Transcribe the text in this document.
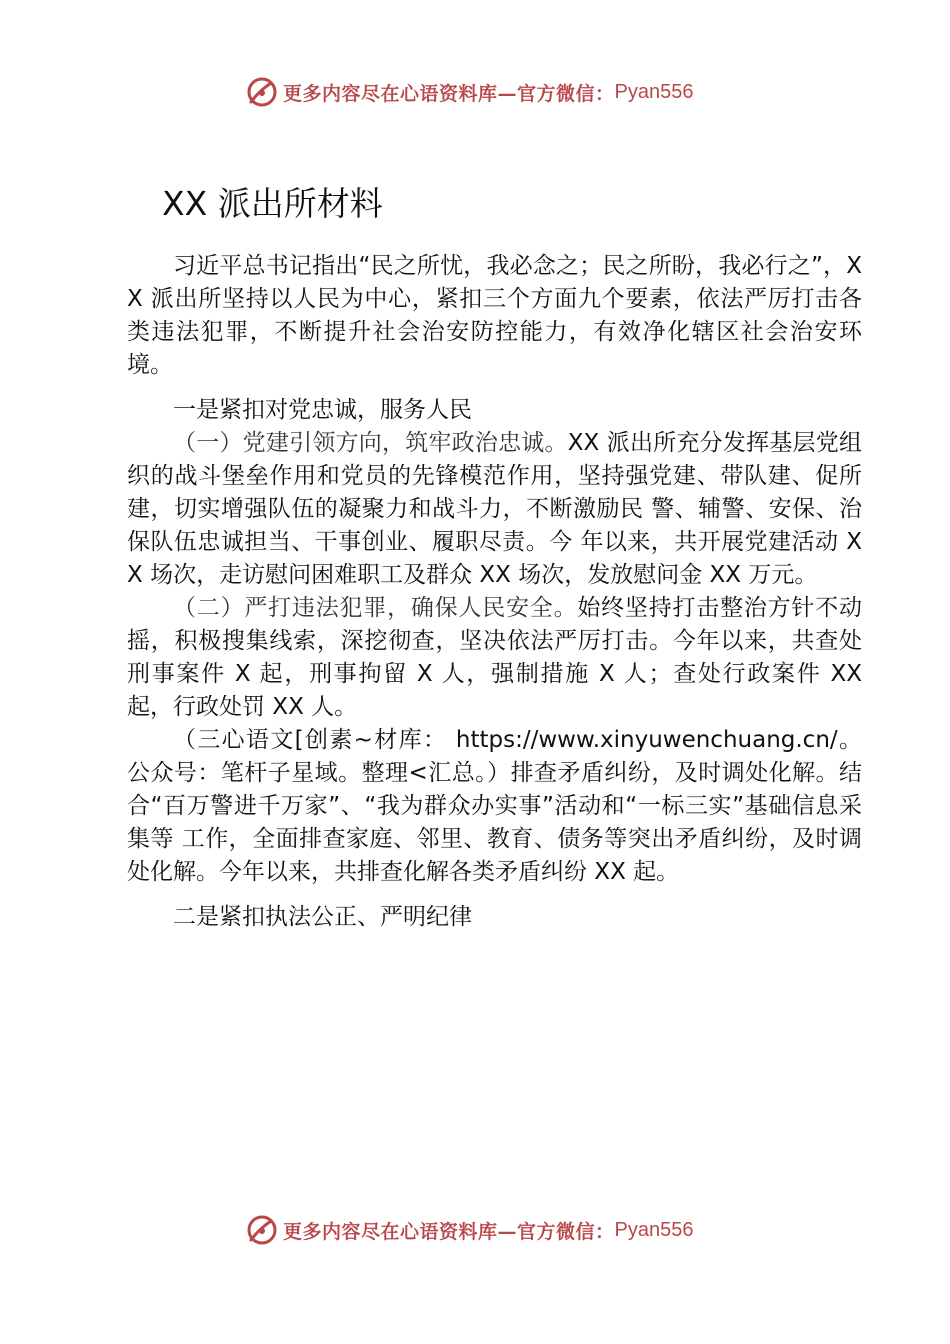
更多内容尽在心语资料库—官方微信： Pyan556
XX 派出所材料

习近平总书记指出“民之所忧，我必念之；民之所盼，我必行之”，XX 派出所坚持以人民为中心，紧扣三个方面九个要素，依法严厉打击各类违法犯罪，不断提升社会治安防控能力，有效净化辖区社会治安环境。

一是紧扣对党忠诚，服务人民

（一）党建引领方向，筑牢政治忠诚。XX 派出所充分发挥基层党组织的战斗堡垒作用和党员的先锋模范作用，坚持强党建、带队建、促所建，切实增强队伍的凝聚力和战斗力，不断激励民 警、辅警、安保、治保队伍忠诚担当、干事创业、履职尽责。今 年以来，共开展党建活动 XX 场次，走访慰问困难职工及群众 XX 场次，发放慰问金 XX 万元。

（二）严打违法犯罪，确保人民安全。始终坚持打击整治方针不动摇，积极搜集线索，深挖彻查，坚决依法严厉打击。今年以来，共查处刑事案件 X 起，刑事拘留 X 人，强制措施 X 人；查处行政案件 XX 起，行政处罚 XX 人。

（三心语文[创素~材库： https://www.xinyuwenchuang.cn/。公众号：笔杆子星域。整理<汇总。）排查矛盾纠纷，及时调处化解。结合“百万警进千万家”、“我为群众办实事”活动和“一标三实”基础信息采集等 工作，全面排查家庭、邻里、教育、债务等突出矛盾纠纷，及时调处化解。今年以来，共排查化解各类矛盾纠纷 XX 起。

二是紧扣执法公正、严明纪律

更多内容尽在心语资料库—官方微信： Pyan556
